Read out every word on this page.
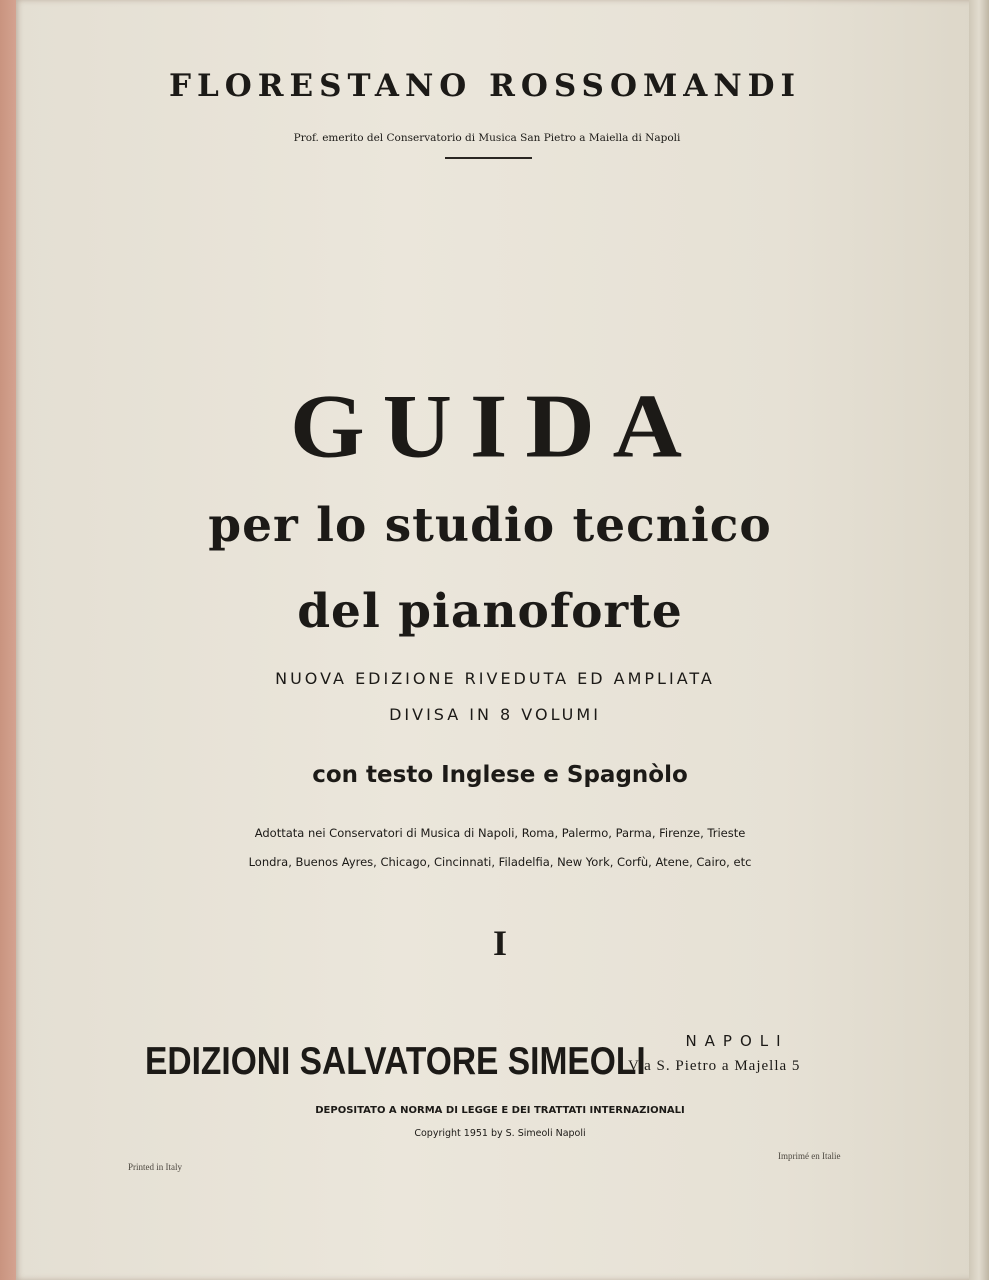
FLORESTANO ROSSOMANDI
Prof. emerito del Conservatorio di Musica San Pietro a Maiella di Napoli
GUIDA
per lo studio tecnico
del pianoforte
NUOVA EDIZIONE RIVEDUTA ED AMPLIATA
DIVISA IN 8 VOLUMI
con testo Inglese e Spagnòlo
Adottata nei Conservatori di Musica di Napoli, Roma, Palermo, Parma, Firenze, Trieste
Londra, Buenos Ayres, Chicago, Cincinnati, Filadelfia, New York, Corfù, Atene, Cairo, etc
I
EDIZIONI SALVATORE SIMEOLI	NAPOLI
Via S. Pietro a Majella 5
DEPOSITATO A NORMA DI LEGGE E DEI TRATTATI INTERNAZIONALI
Copyright 1951 by S. Simeoli Napoli
Printed in Italy
Imprimé en Italie
